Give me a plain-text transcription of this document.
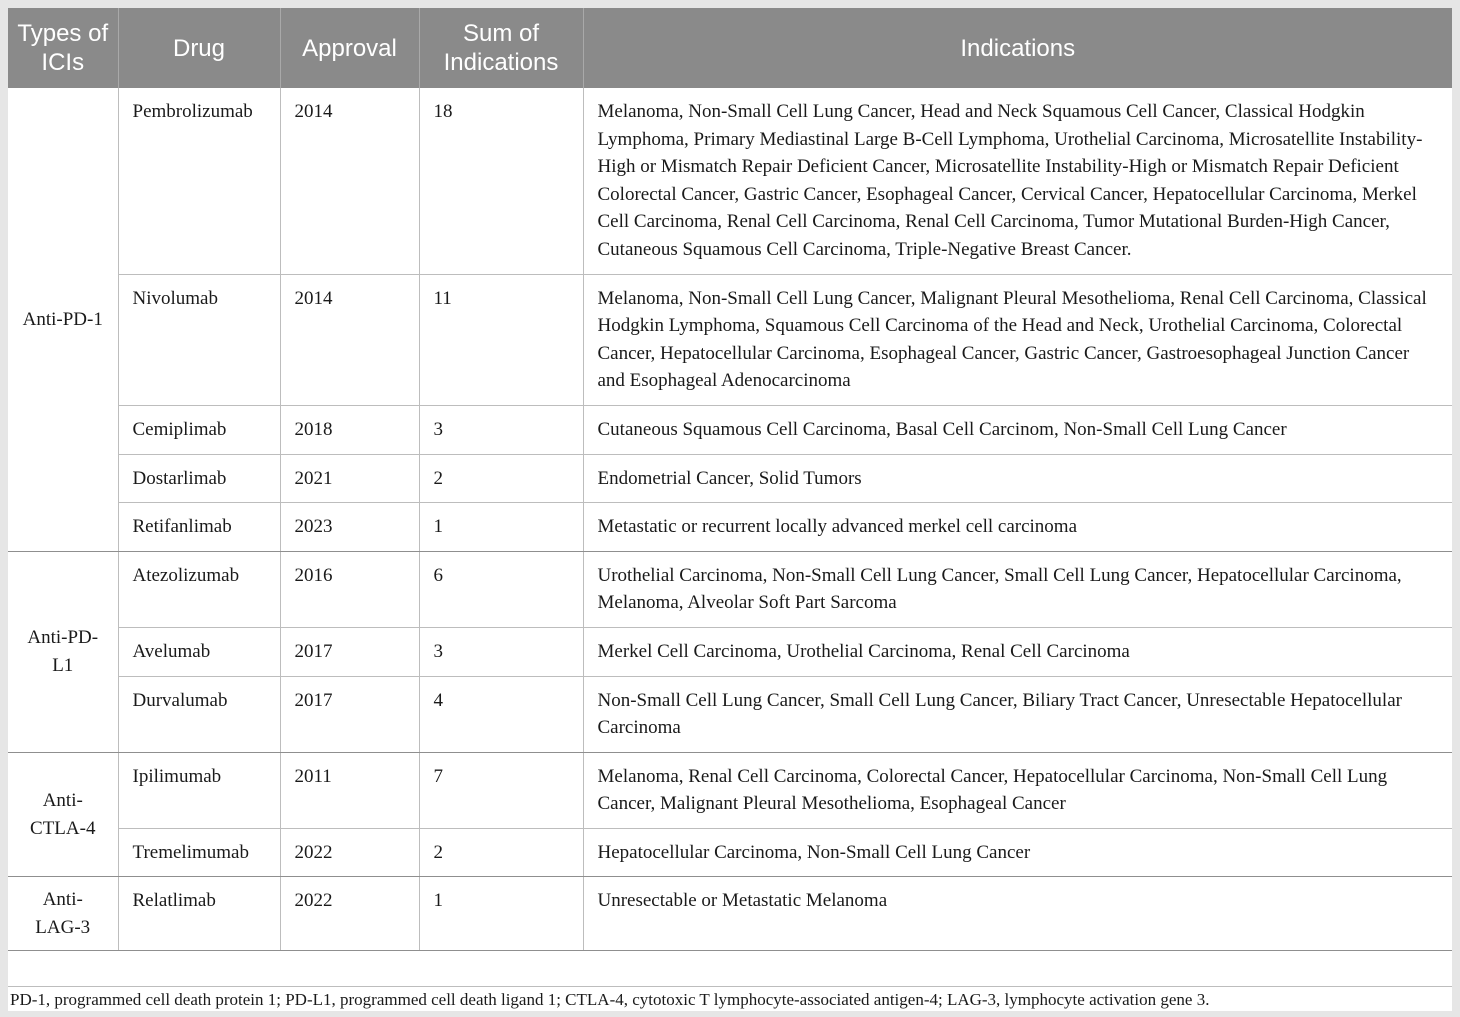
Types of ICIs	Drug	Approval	Sum of Indications	Indications
Anti-PD-1	Pembrolizumab	2014	18	Melanoma, Non-Small Cell Lung Cancer, Head and Neck Squamous Cell Cancer, Classical Hodgkin Lymphoma, Primary Mediastinal Large B-Cell Lymphoma, Urothelial Carcinoma, Microsatellite Instability-High or Mismatch Repair Deficient Cancer, Microsatellite Instability-High or Mismatch Repair Deficient Colorectal Cancer, Gastric Cancer, Esophageal Cancer, Cervical Cancer, Hepatocellular Carcinoma, Merkel Cell Carcinoma, Renal Cell Carcinoma, Renal Cell Carcinoma, Tumor Mutational Burden-High Cancer, Cutaneous Squamous Cell Carcinoma, Triple-Negative Breast Cancer.
	Nivolumab	2014	11	Melanoma, Non-Small Cell Lung Cancer, Malignant Pleural Mesothelioma, Renal Cell Carcinoma, Classical Hodgkin Lymphoma, Squamous Cell Carcinoma of the Head and Neck, Urothelial Carcinoma, Colorectal Cancer, Hepatocellular Carcinoma, Esophageal Cancer, Gastric Cancer, Gastroesophageal Junction Cancer and Esophageal Adenocarcinoma
	Cemiplimab	2018	3	Cutaneous Squamous Cell Carcinoma, Basal Cell Carcinom, Non-Small Cell Lung Cancer
	Dostarlimab	2021	2	Endometrial Cancer, Solid Tumors
	Retifanlimab	2023	1	Metastatic or recurrent locally advanced merkel cell carcinoma
Anti-PD-L1	Atezolizumab	2016	6	Urothelial Carcinoma, Non-Small Cell Lung Cancer, Small Cell Lung Cancer, Hepatocellular Carcinoma, Melanoma, Alveolar Soft Part Sarcoma
	Avelumab	2017	3	Merkel Cell Carcinoma, Urothelial Carcinoma, Renal Cell Carcinoma
	Durvalumab	2017	4	Non-Small Cell Lung Cancer, Small Cell Lung Cancer, Biliary Tract Cancer, Unresectable Hepatocellular Carcinoma
Anti-CTLA-4	Ipilimumab	2011	7	Melanoma, Renal Cell Carcinoma, Colorectal Cancer, Hepatocellular Carcinoma, Non-Small Cell Lung Cancer, Malignant Pleural Mesothelioma, Esophageal Cancer
	Tremelimumab	2022	2	Hepatocellular Carcinoma, Non-Small Cell Lung Cancer
Anti-LAG-3	Relatlimab	2022	1	Unresectable or Metastatic Melanoma
PD-1, programmed cell death protein 1; PD-L1, programmed cell death ligand 1; CTLA-4, cytotoxic T lymphocyte-associated antigen-4; LAG-3, lymphocyte activation gene 3.
